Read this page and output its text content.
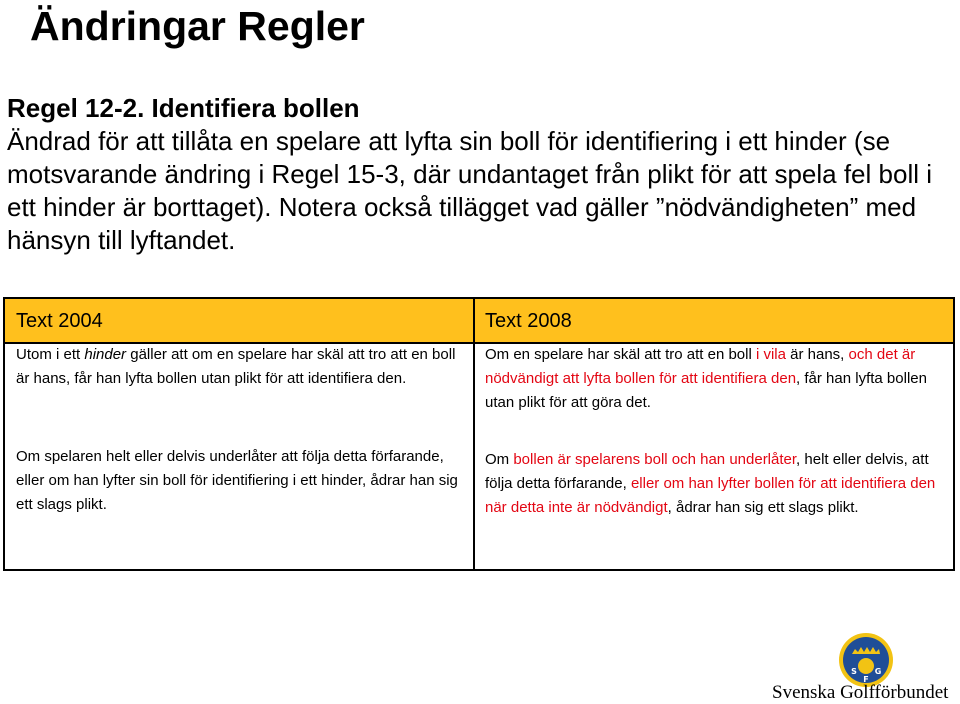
Ändringar Regler
Regel 12-2. Identifiera bollen
Ändrad för att tillåta en spelare att lyfta sin boll för identifiering i ett hinder (se motsvarande ändring i Regel 15-3, där undantaget från plikt för att spela fel boll i ett hinder är borttaget). Notera också tillägget vad gäller ”nödvändigheten” med hänsyn till lyftandet.
Text 2004	Text 2008
Utom i ett hinder gäller att om en spelare har skäl att tro att en boll är hans, får han lyfta bollen utan plikt för att identifiera den.
Om spelaren helt eller delvis underlåter att följa detta förfarande, eller om han lyfter sin boll för identifiering i ett hinder, ådrar han sig ett slags plikt.
Om en spelare har skäl att tro att en boll i vila är hans, och det är nödvändigt att lyfta bollen för att identifiera den, får han lyfta bollen utan plikt för att göra det.
Om bollen är spelarens boll och han underlåter, helt eller delvis, att följa detta förfarande, eller om han lyfter bollen för att identifiera den när detta inte är nödvändigt, ådrar han sig ett slags plikt.
S
F
G
Svenska Golfförbundet
